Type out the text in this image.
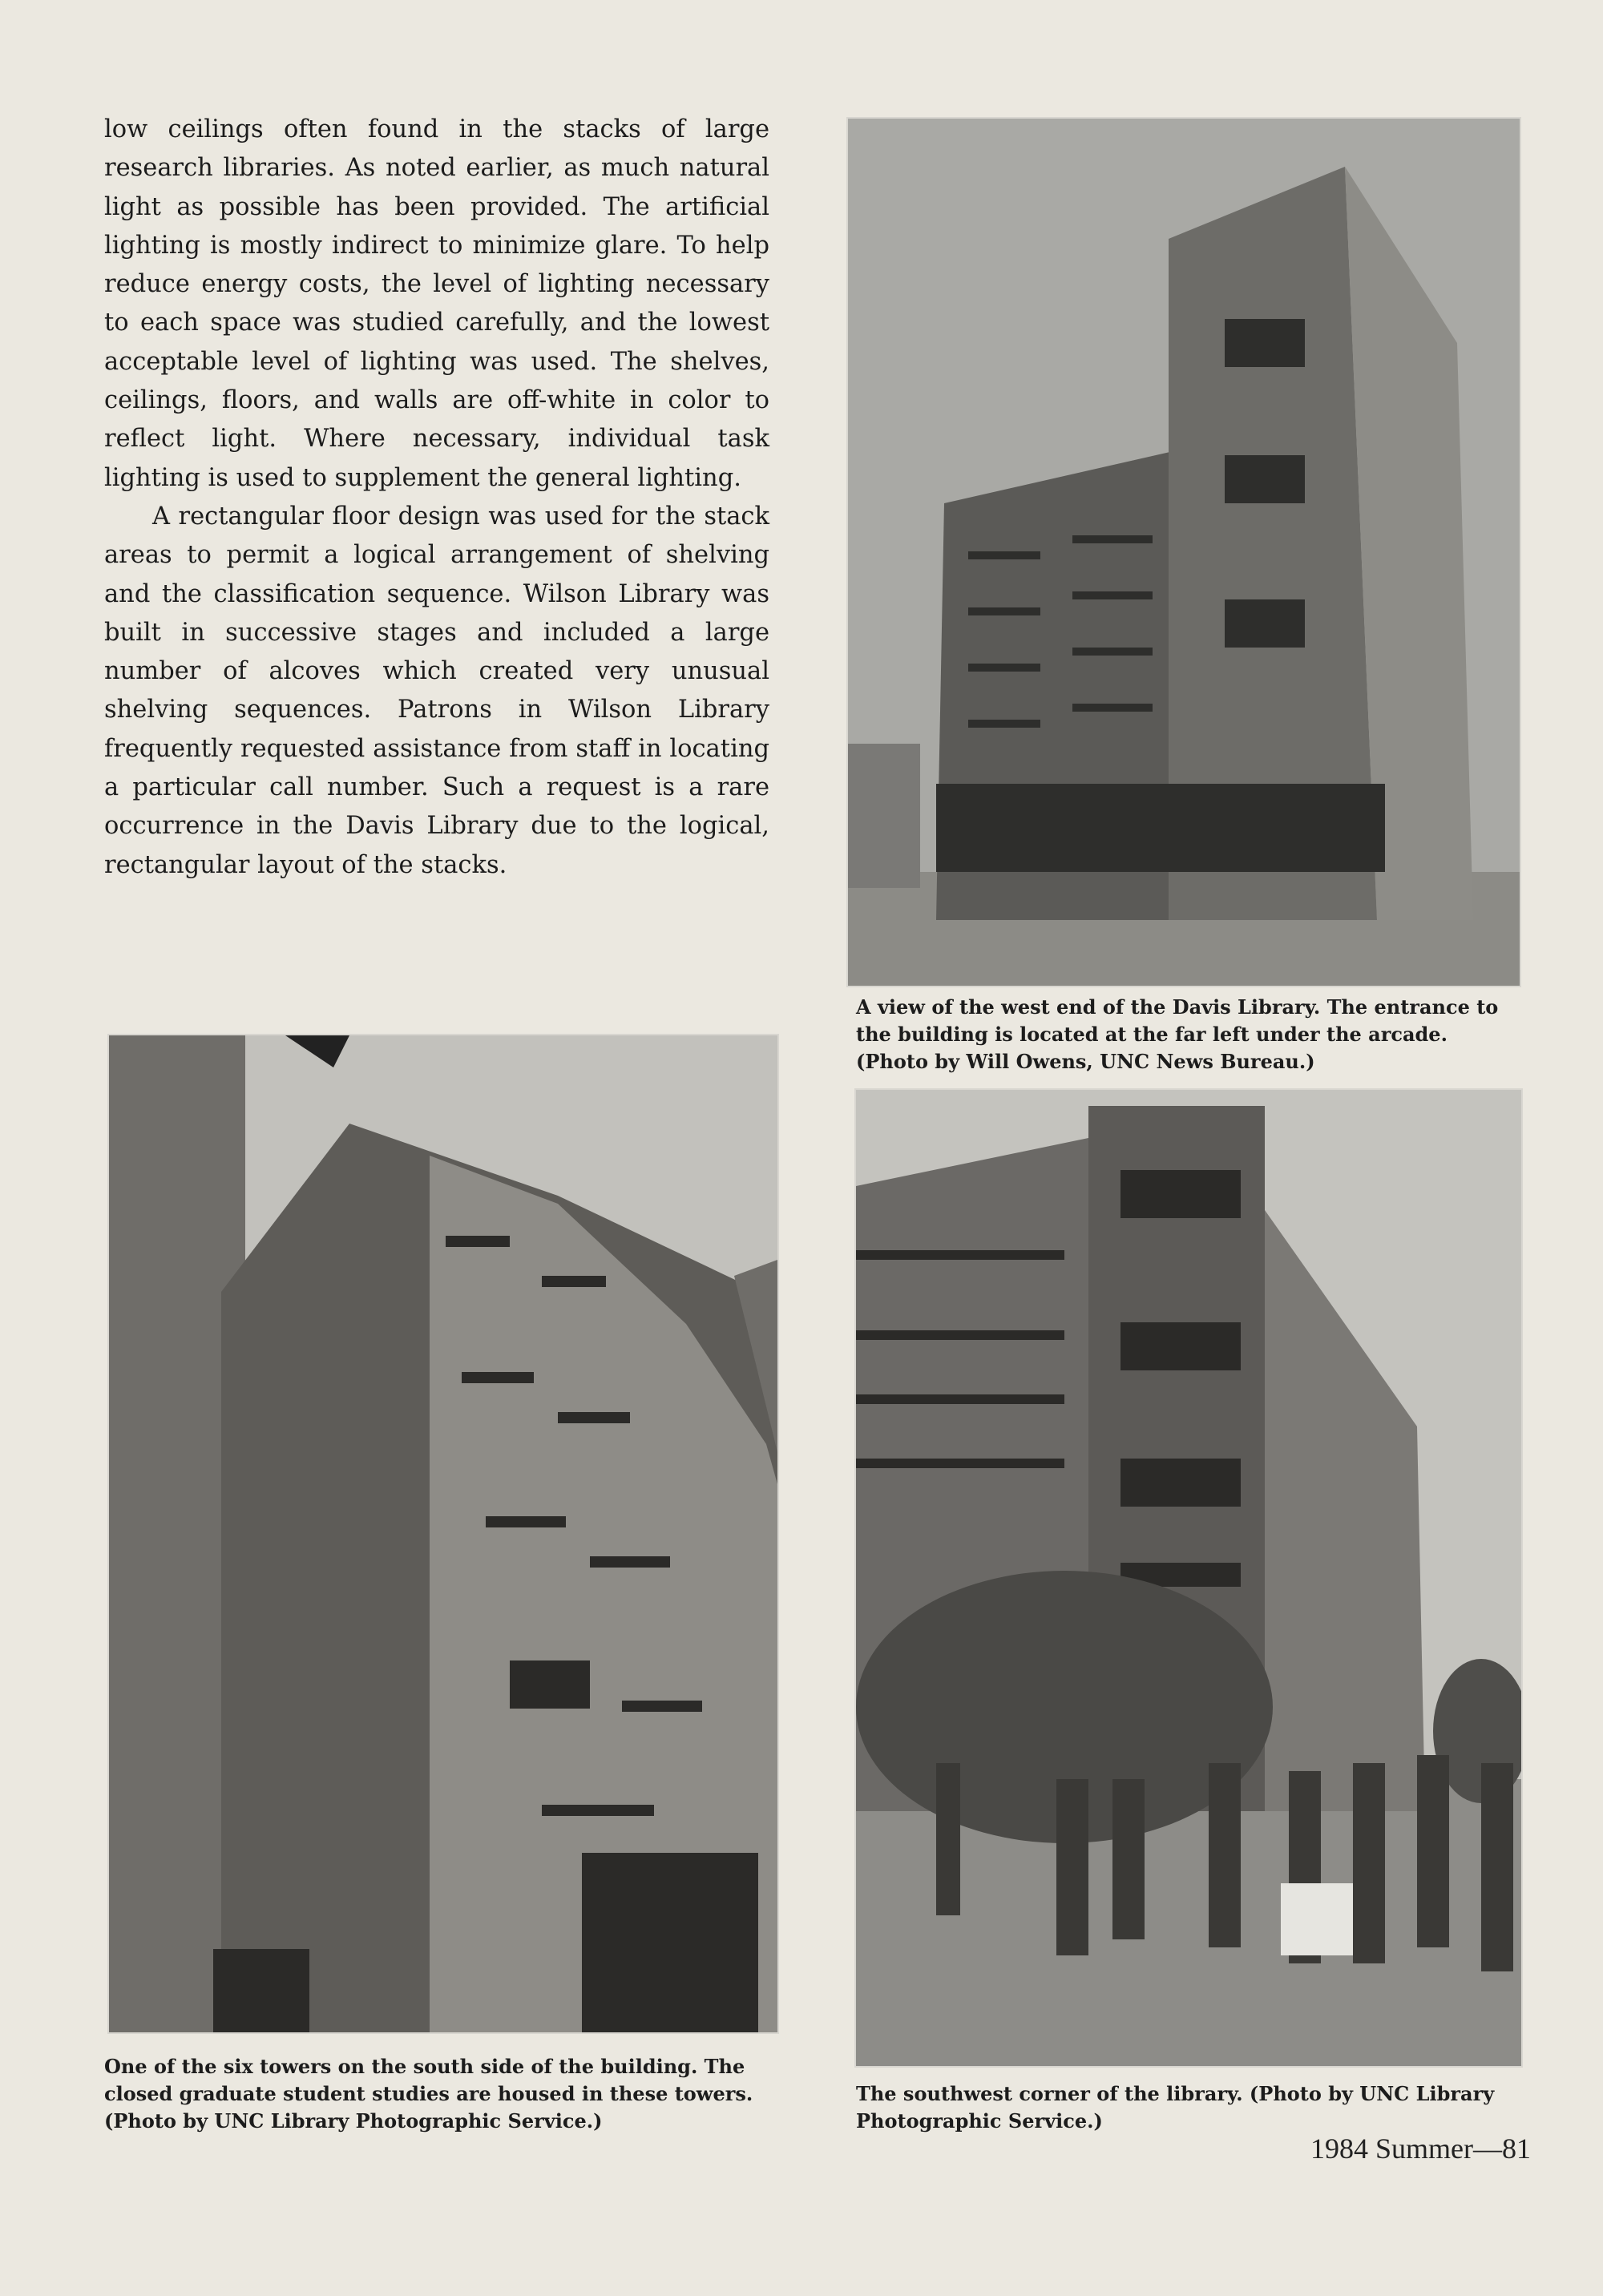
low ceilings often found in the stacks of large research libraries. As noted earlier, as much natural light as possible has been provided. The artificial lighting is mostly indirect to minimize glare. To help reduce energy costs, the level of lighting necessary to each space was studied carefully, and the lowest acceptable level of lighting was used. The shelves, ceilings, floors, and walls are off-white in color to reflect light. Where necessary, individual task lighting is used to supplement the general lighting.

A rectangular floor design was used for the stack areas to permit a logical arrangement of shelving and the classification sequence. Wilson Library was built in successive stages and included a large number of alcoves which created very unusual shelving sequences. Patrons in Wilson Library frequently requested assistance from staff in locating a particular call number. Such a request is a rare occurrence in the Davis Library due to the logical, rectangular layout of the stacks.

A view of the west end of the Davis Library. The entrance to the building is located at the far left under the arcade. (Photo by Will Owens, UNC News Bureau.)
One of the six towers on the south side of the building. The closed graduate student studies are housed in these towers. (Photo by UNC Library Photographic Service.)
The southwest corner of the library. (Photo by UNC Library Photographic Service.)
1984 Summer—81
